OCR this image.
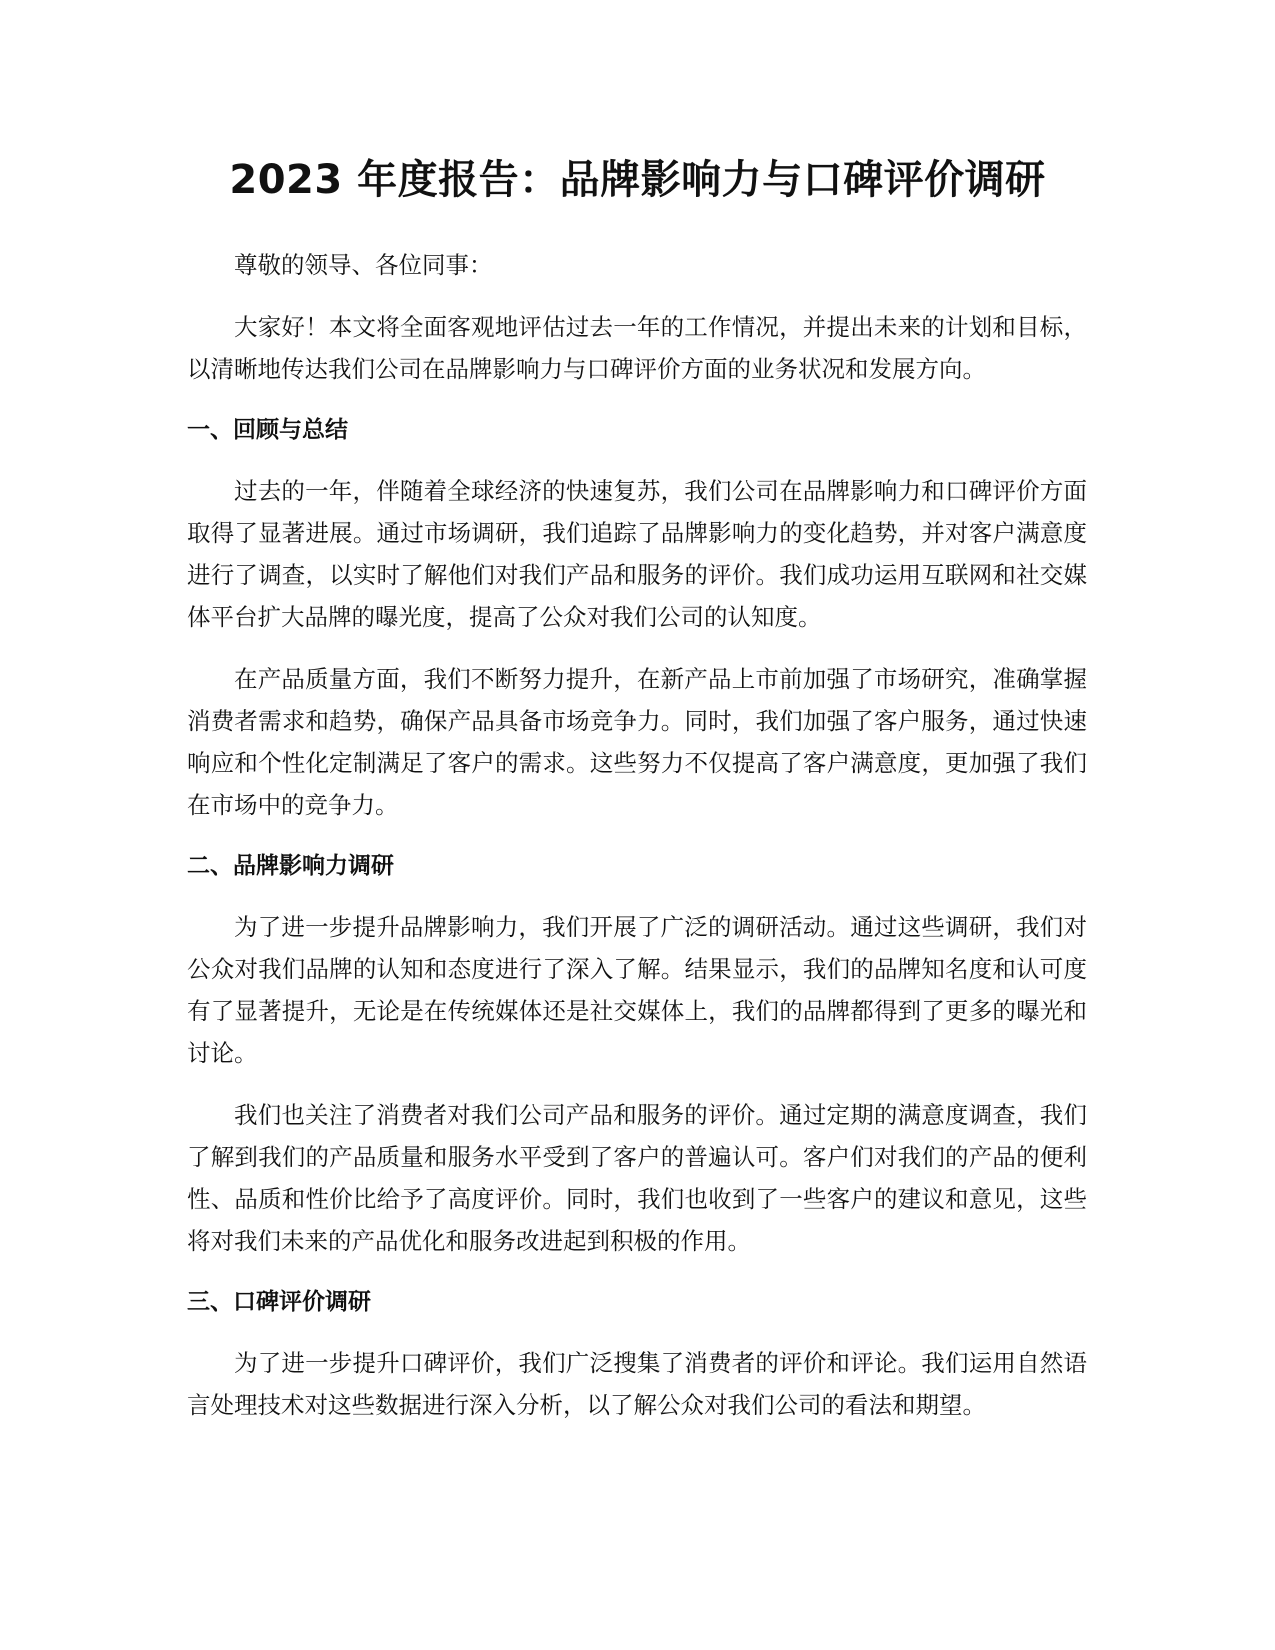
2023 年度报告：品牌影响力与口碑评价调研

尊敬的领导、各位同事：

大家好！本文将全面客观地评估过去一年的工作情况，并提出未来的计划和目标，以清晰地传达我们公司在品牌影响力与口碑评价方面的业务状况和发展方向。

一、回顾与总结

过去的一年，伴随着全球经济的快速复苏，我们公司在品牌影响力和口碑评价方面取得了显著进展。通过市场调研，我们追踪了品牌影响力的变化趋势，并对客户满意度进行了调查，以实时了解他们对我们产品和服务的评价。我们成功运用互联网和社交媒体平台扩大品牌的曝光度，提高了公众对我们公司的认知度。

在产品质量方面，我们不断努力提升，在新产品上市前加强了市场研究，准确掌握消费者需求和趋势，确保产品具备市场竞争力。同时，我们加强了客户服务，通过快速响应和个性化定制满足了客户的需求。这些努力不仅提高了客户满意度，更加强了我们在市场中的竞争力。

二、品牌影响力调研

为了进一步提升品牌影响力，我们开展了广泛的调研活动。通过这些调研，我们对公众对我们品牌的认知和态度进行了深入了解。结果显示，我们的品牌知名度和认可度有了显著提升，无论是在传统媒体还是社交媒体上，我们的品牌都得到了更多的曝光和讨论。

我们也关注了消费者对我们公司产品和服务的评价。通过定期的满意度调查，我们了解到我们的产品质量和服务水平受到了客户的普遍认可。客户们对我们的产品的便利性、品质和性价比给予了高度评价。同时，我们也收到了一些客户的建议和意见，这些将对我们未来的产品优化和服务改进起到积极的作用。

三、口碑评价调研

为了进一步提升口碑评价，我们广泛搜集了消费者的评价和评论。我们运用自然语言处理技术对这些数据进行深入分析，以了解公众对我们公司的看法和期望。
